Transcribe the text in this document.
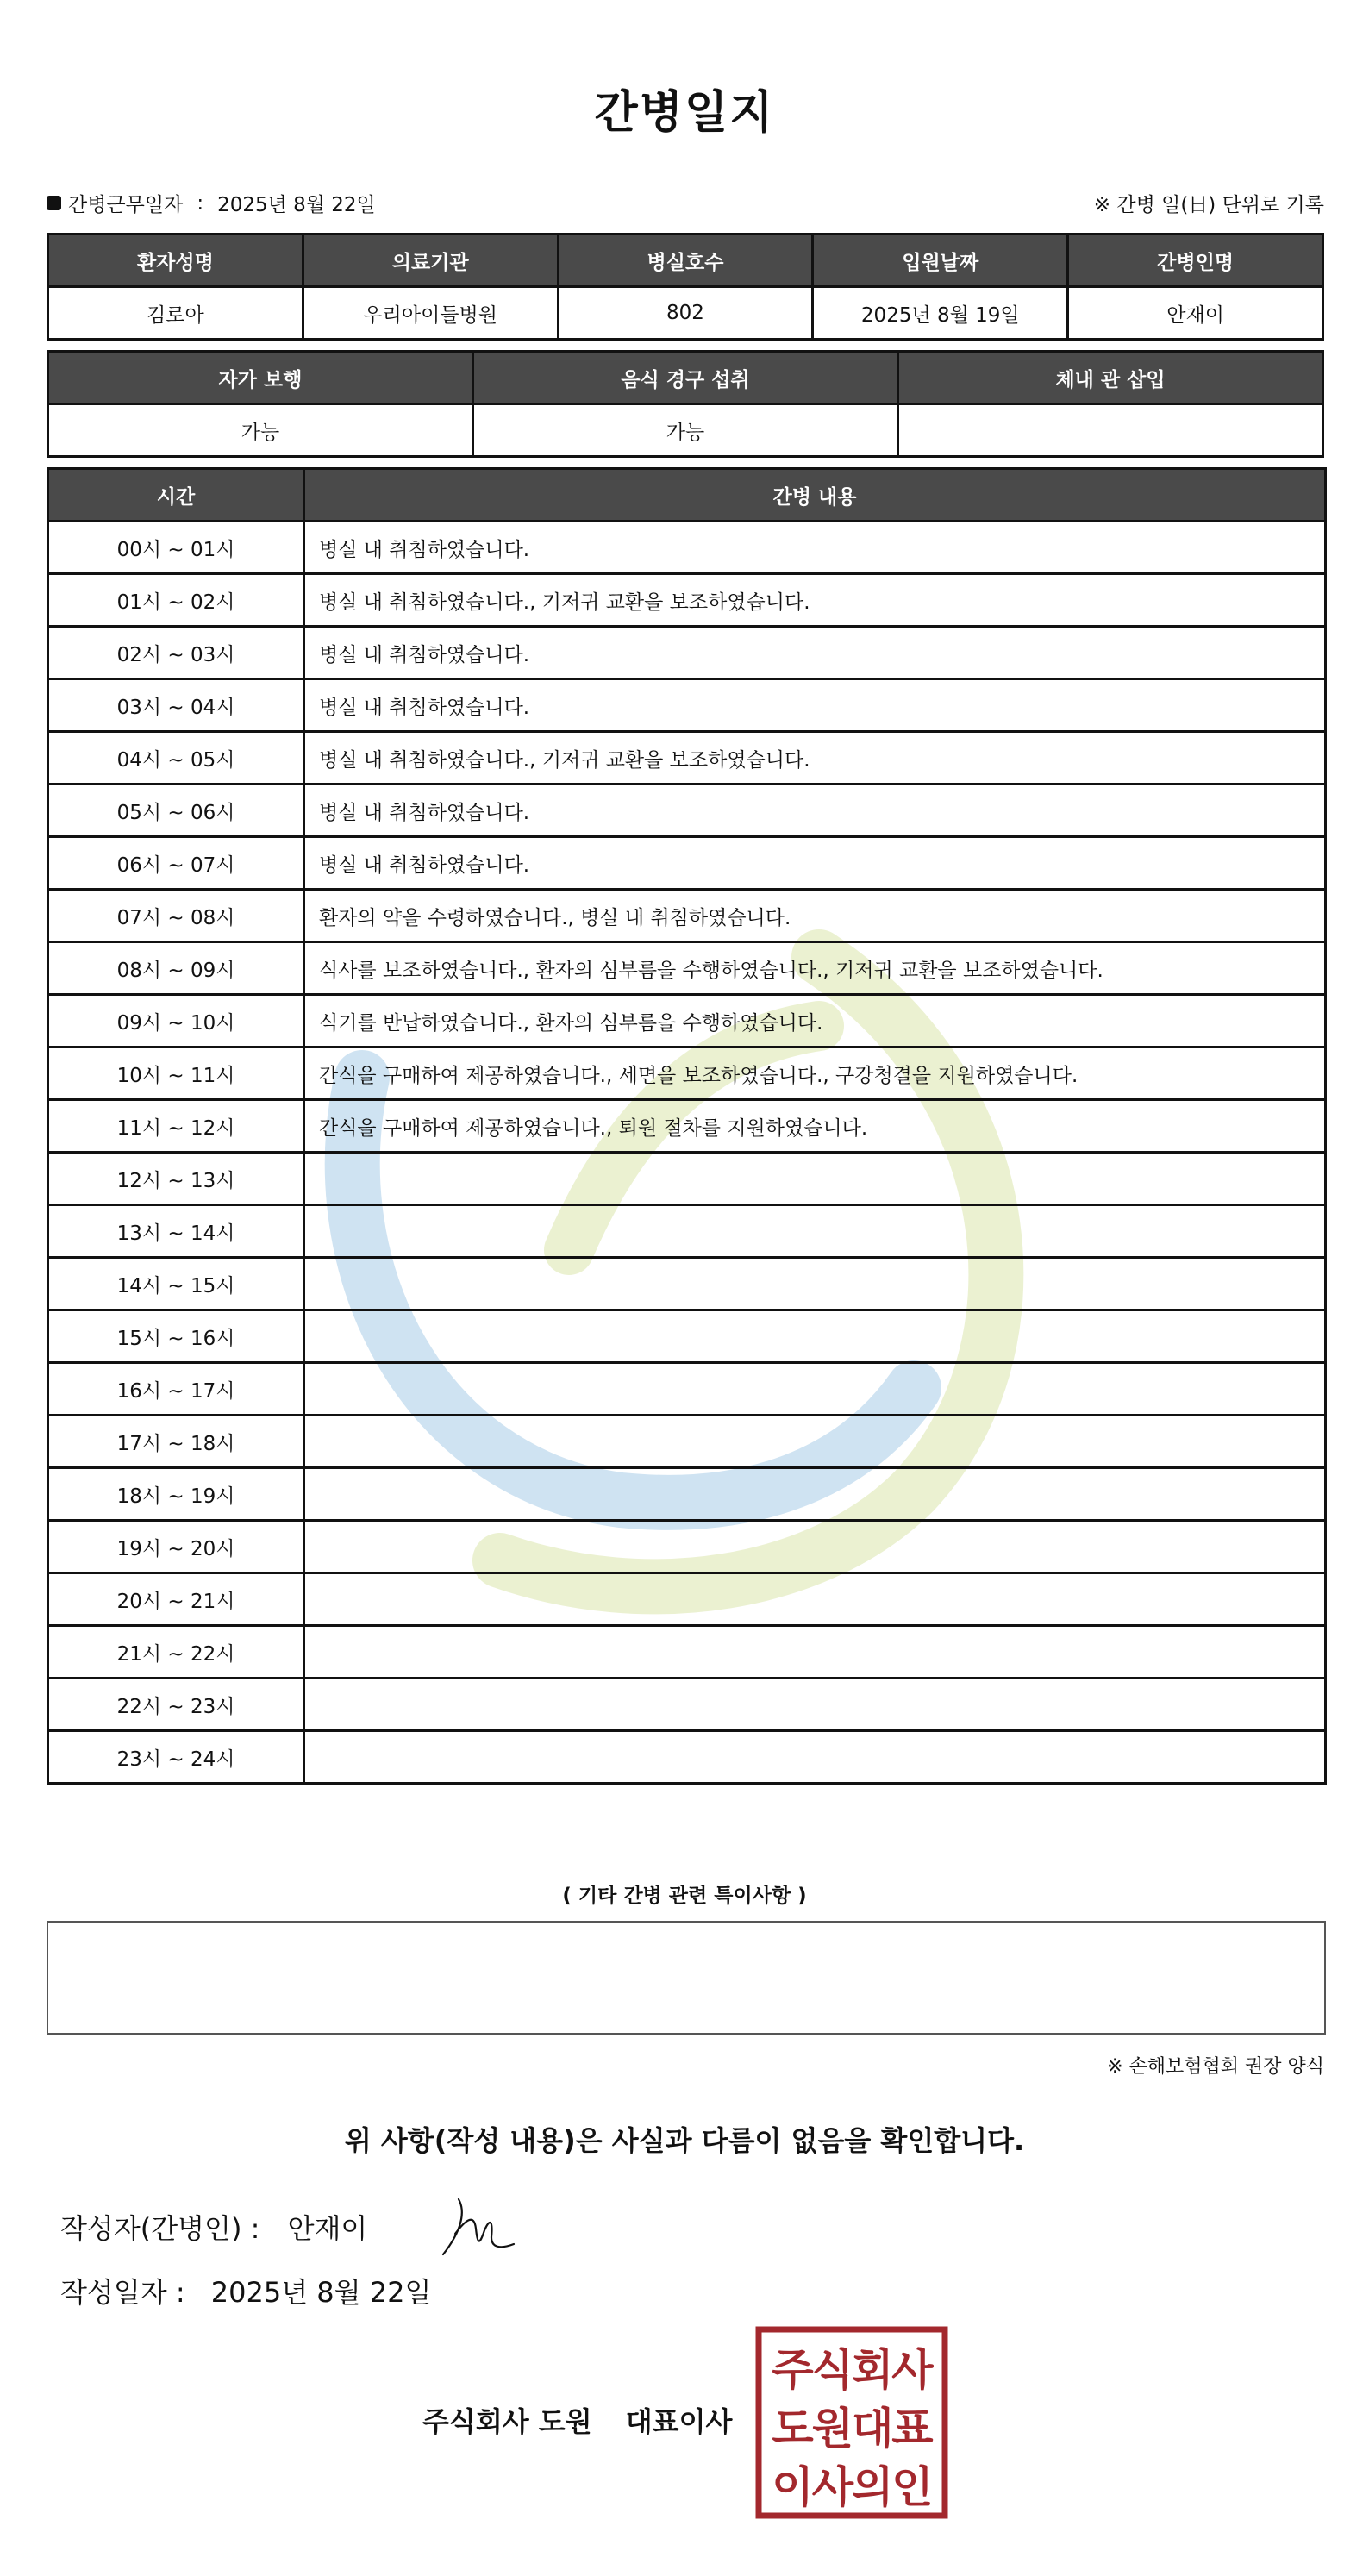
간병일지
간병근무일자 : 2025년 8월 22일	※ 간병 일(日) 단위로 기록
환자성명	의료기관	병실호수	입원날짜	간병인명
김로아	우리아이들병원	802	2025년 8월 19일	안재이
자가 보행	음식 경구 섭취	체내 관 삽입
가능	가능	
시간	간병 내용
00시 ~ 01시	병실 내 취침하였습니다.
01시 ~ 02시	병실 내 취침하였습니다., 기저귀 교환을 보조하였습니다.
02시 ~ 03시	병실 내 취침하였습니다.
03시 ~ 04시	병실 내 취침하였습니다.
04시 ~ 05시	병실 내 취침하였습니다., 기저귀 교환을 보조하였습니다.
05시 ~ 06시	병실 내 취침하였습니다.
06시 ~ 07시	병실 내 취침하였습니다.
07시 ~ 08시	환자의 약을 수령하였습니다., 병실 내 취침하였습니다.
08시 ~ 09시	식사를 보조하였습니다., 환자의 심부름을 수행하였습니다., 기저귀 교환을 보조하였습니다.
09시 ~ 10시	식기를 반납하였습니다., 환자의 심부름을 수행하였습니다.
10시 ~ 11시	간식을 구매하여 제공하였습니다., 세면을 보조하였습니다., 구강청결을 지원하였습니다.
11시 ~ 12시	간식을 구매하여 제공하였습니다., 퇴원 절차를 지원하였습니다.
12시 ~ 13시	
13시 ~ 14시	
14시 ~ 15시	
15시 ~ 16시	
16시 ~ 17시	
17시 ~ 18시	
18시 ~ 19시	
19시 ~ 20시	
20시 ~ 21시	
21시 ~ 22시	
22시 ~ 23시	
23시 ~ 24시	
( 기타 간병 관련 특이사항 )
※ 손해보험협회 권장 양식
위 사항(작성 내용)은 사실과 다름이 없음을 확인합니다.
작성자(간병인) : 안재이
작성일자 : 2025년 8월 22일
주식회사 도원 대표이사
주식회사
도원대표
이사의인
